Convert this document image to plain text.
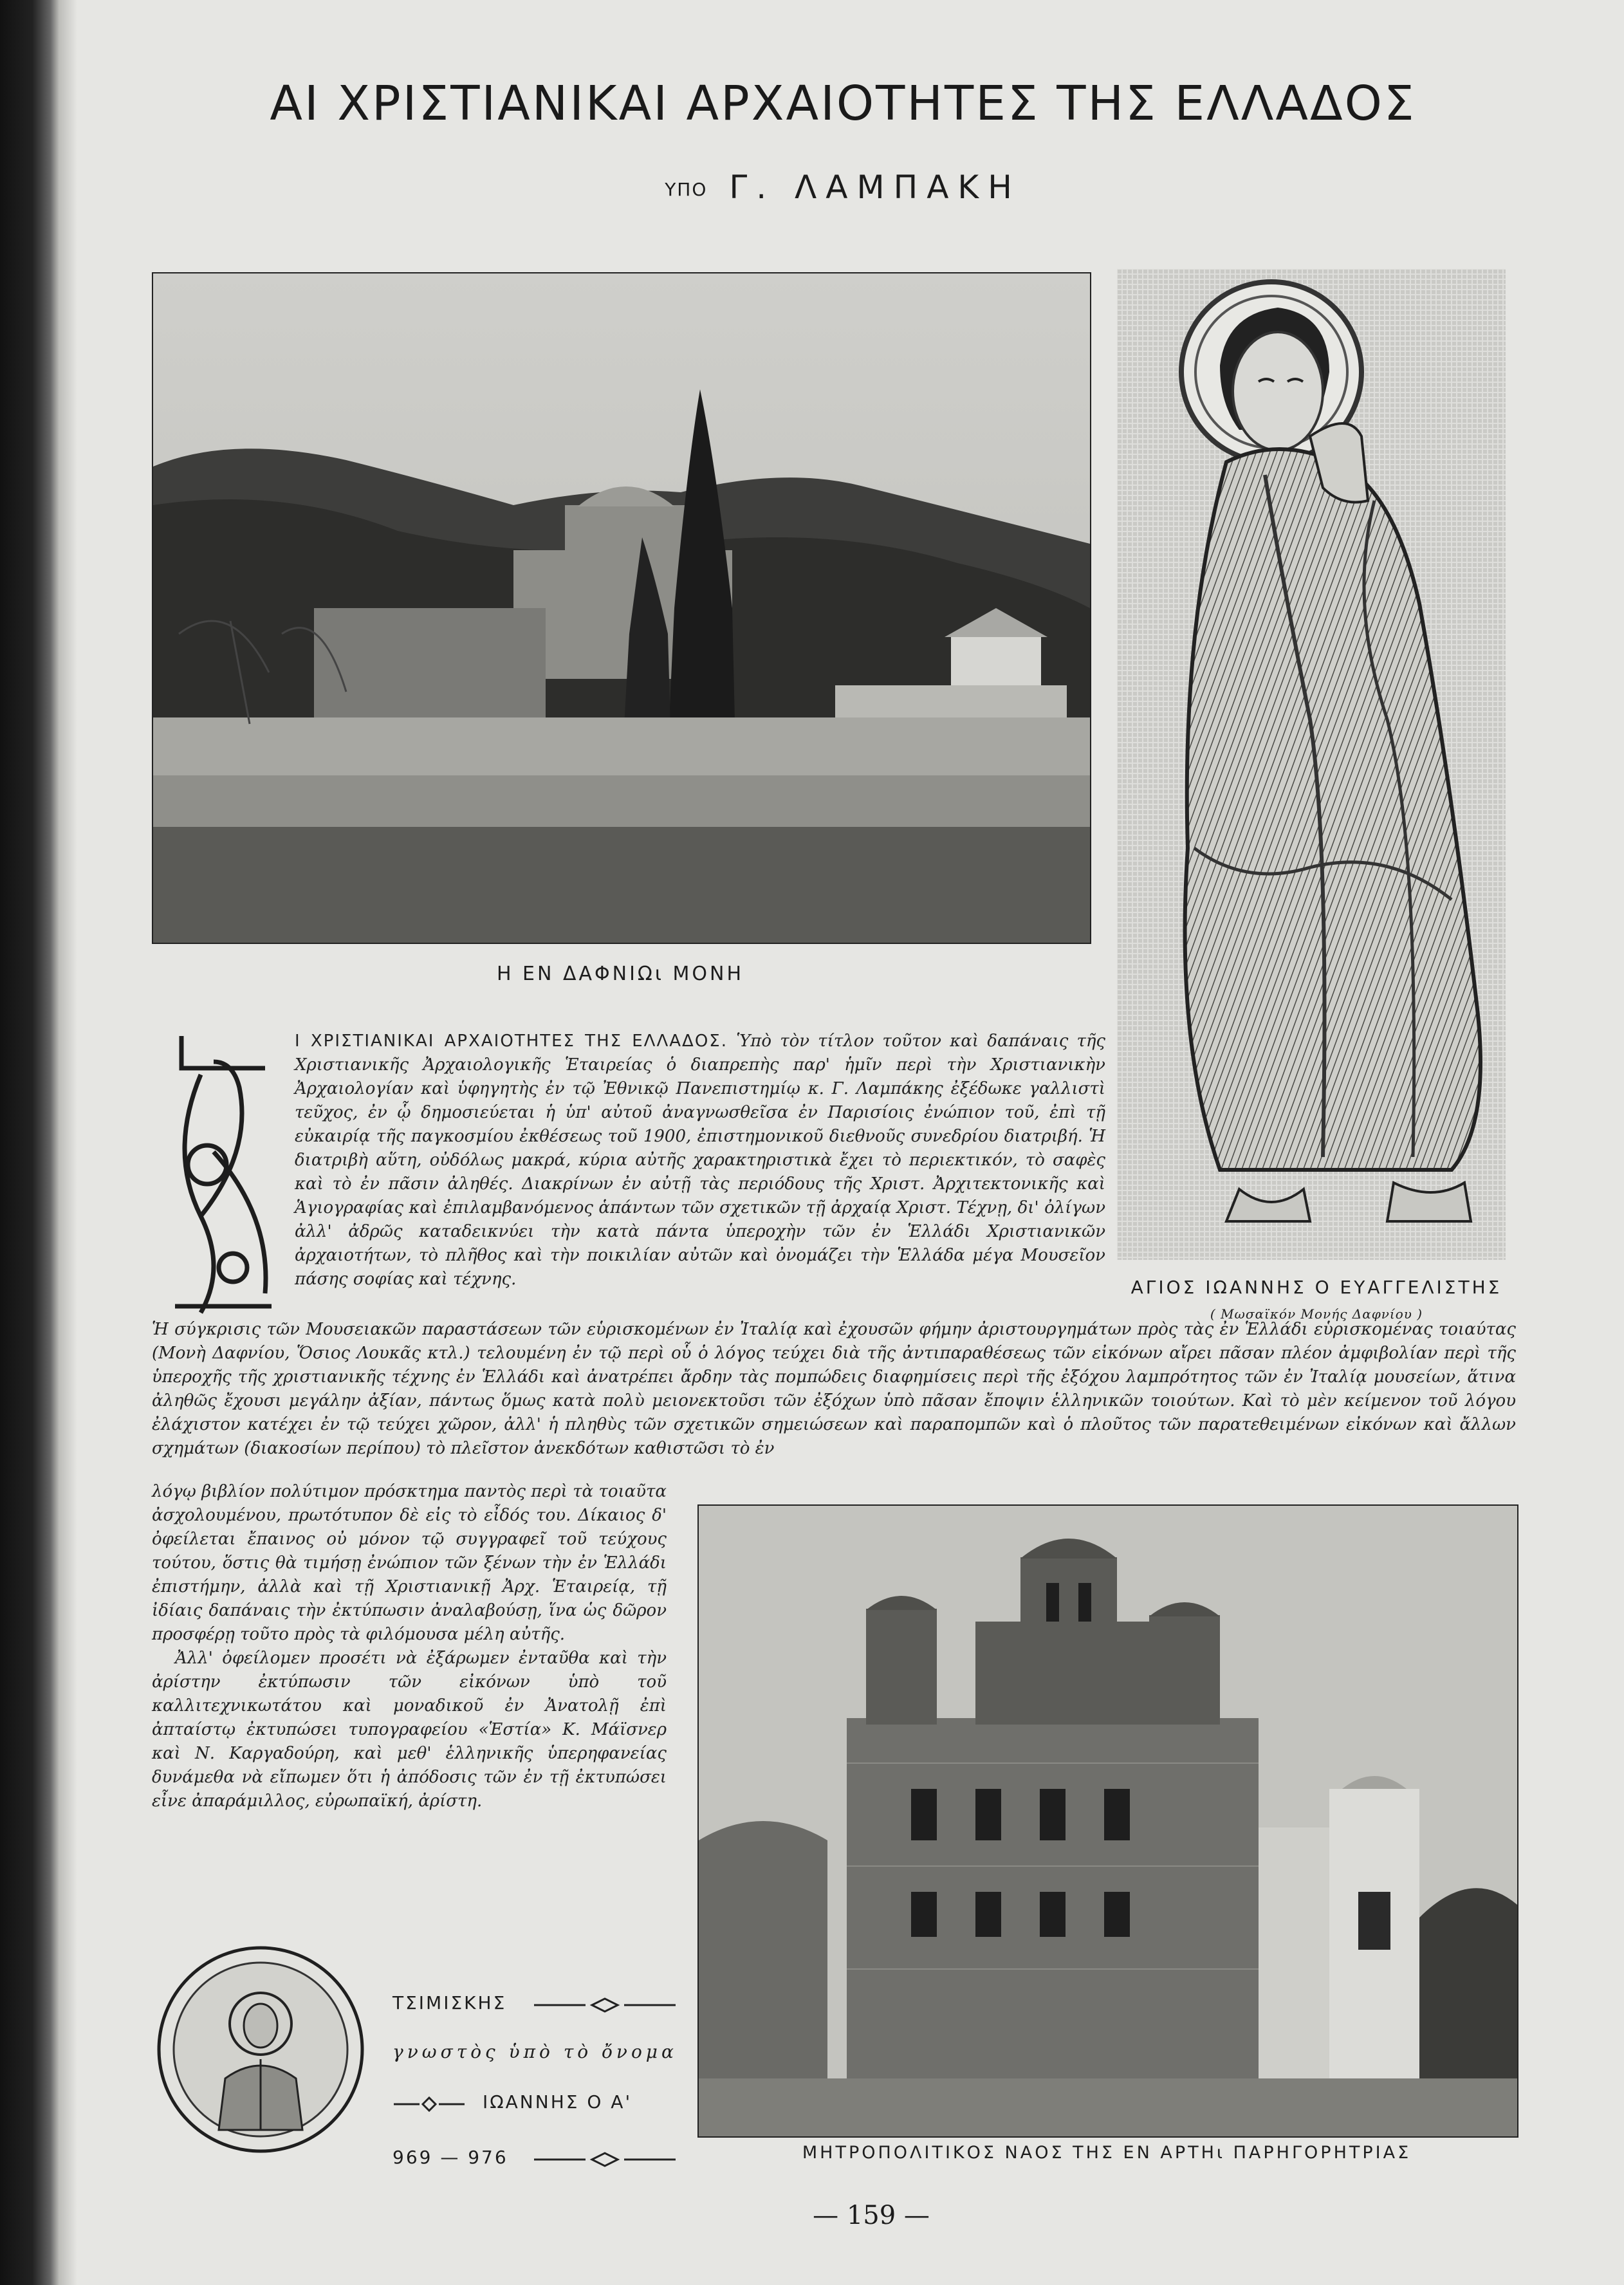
ΑΙ ΧΡΙΣΤΙΑΝΙΚΑΙ ΑΡΧΑΙΟΤΗΤΕΣ ΤΗΣ ΕΛΛΑΔΟΣ
ΥΠΟ Γ. ΛΑΜΠΑΚΗ
Η ΕΝ ΔΑΦΝΙΩι ΜΟΝΗ
ΑΓΙΟΣ ΙΩΑΝΝΗΣ Ο ΕΥΑΓΓΕΛΙΣΤΗΣ
( Μωσαϊκόν Μονής Δαφνίου )
Ι ΧΡΙΣΤΙΑΝΙΚΑΙ ΑΡΧΑΙΟΤΗΤΕΣ ΤΗΣ ΕΛΛΑΔΟΣ. Ὑπὸ τὸν τίτλον τοῦτον καὶ δαπάναις τῆς Χριστιανικῆς Ἀρχαιολογικῆς Ἑταιρείας ὁ διαπρεπὴς παρ' ἡμῖν περὶ τὴν Χριστιανικὴν Ἀρχαιολογίαν καὶ ὑφηγητὴς ἐν τῷ Ἐθνικῷ Πανεπιστημίῳ κ. Γ. Λαμπάκης ἐξέδωκε γαλλιστὶ τεῦχος, ἐν ᾧ δημοσιεύεται ἡ ὑπ' αὐτοῦ ἀναγνωσθεῖσα ἐν Παρισίοις ἐνώπιον τοῦ, ἐπὶ τῇ εὐκαιρίᾳ τῆς παγκοσμίου ἐκθέσεως τοῦ 1900, ἐπιστημονικοῦ διεθνοῦς συνεδρίου διατριβή. Ἡ διατριβὴ αὕτη, οὐδόλως μακρά, κύρια αὐτῆς χαρακτηριστικὰ ἔχει τὸ περιεκτικόν, τὸ σαφὲς καὶ τὸ ἐν πᾶσιν ἀληθές. Διακρίνων ἐν αὐτῇ τὰς περιόδους τῆς Χριστ. Ἀρχιτεκτονικῆς καὶ Ἁγιογραφίας καὶ ἐπιλαμβανόμενος ἁπάντων τῶν σχετικῶν τῇ ἀρχαίᾳ Χριστ. Τέχνῃ, δι' ὀλίγων ἀλλ' ἀδρῶς καταδεικνύει τὴν κατὰ πάντα ὑπεροχὴν τῶν ἐν Ἑλλάδι Χριστιανικῶν ἀρχαιοτήτων, τὸ πλῆθος καὶ τὴν ποικιλίαν αὐτῶν καὶ ὀνομάζει τὴν Ἑλλάδα μέγα Μουσεῖον πάσης σοφίας καὶ τέχνης.
Ἡ σύγκρισις τῶν Μουσειακῶν παραστάσεων τῶν εὑρισκομένων ἐν Ἰταλίᾳ καὶ ἐχουσῶν φήμην ἀριστουργημάτων πρὸς τὰς ἐν Ἑλλάδι εὑρισκομένας τοιαύτας (Μονὴ Δαφνίου, Ὅσιος Λουκᾶς κτλ.) τελουμένη ἐν τῷ περὶ οὗ ὁ λόγος τεύχει διὰ τῆς ἀντιπαραθέσεως τῶν εἰκόνων αἴρει πᾶσαν πλέον ἀμφιβολίαν περὶ τῆς ὑπεροχῆς τῆς χριστιανικῆς τέχνης ἐν Ἑλλάδι καὶ ἀνατρέπει ἄρδην τὰς πομπώδεις διαφημίσεις περὶ τῆς ἐξόχου λαμπρότητος τῶν ἐν Ἰταλίᾳ μουσείων, ἅτινα ἀληθῶς ἔχουσι μεγάλην ἀξίαν, πάντως ὅμως κατὰ πολὺ μειονεκτοῦσι τῶν ἐξόχων ὑπὸ πᾶσαν ἔποψιν ἑλληνικῶν τοιούτων. Καὶ τὸ μὲν κείμενον τοῦ λόγου ἐλάχιστον κατέχει ἐν τῷ τεύχει χῶρον, ἀλλ' ἡ πληθὺς τῶν σχετικῶν σημειώσεων καὶ παραπομπῶν καὶ ὁ πλοῦτος τῶν παρατεθειμένων εἰκόνων καὶ ἄλλων σχημάτων (διακοσίων περίπου) τὸ πλεῖστον ἀνεκδότων καθιστῶσι τὸ ἐν
λόγῳ βιβλίον πολύτιμον πρόσκτημα παντὸς περὶ τὰ τοιαῦτα ἀσχολουμένου, πρωτότυπον δὲ εἰς τὸ εἶδός του. Δίκαιος δ' ὀφείλεται ἔπαινος οὐ μόνον τῷ συγγραφεῖ τοῦ τεύχους τούτου, ὅστις θὰ τιμήσῃ ἐνώπιον τῶν ξένων τὴν ἐν Ἑλλάδι ἐπιστήμην, ἀλλὰ καὶ τῇ Χριστιανικῇ Ἀρχ. Ἑταιρείᾳ, τῇ ἰδίαις δαπάναις τὴν ἐκτύπωσιν ἀναλαβούσῃ, ἵνα ὡς δῶρον προσφέρῃ τοῦτο πρὸς τὰ φιλόμουσα μέλη αὐτῆς.
Ἀλλ' ὀφείλομεν προσέτι νὰ ἐξάρωμεν ἐνταῦθα καὶ τὴν ἀρίστην ἐκτύπωσιν τῶν εἰκόνων ὑπὸ τοῦ καλλιτεχνικωτάτου καὶ μοναδικοῦ ἐν Ἀνατολῇ ἐπὶ ἀπταίστῳ ἐκτυπώσει τυπογραφείου «Ἑστία» Κ. Μάϊσνερ καὶ Ν. Καργαδούρη, καὶ μεθ' ἑλληνικῆς ὑπερηφανείας δυνάμεθα νὰ εἴπωμεν ὅτι ἡ ἀπόδοσις τῶν ἐν τῇ ἐκτυπώσει εἶνε ἀπαράμιλλος, εὐρωπαϊκή, ἀρίστη.
ΜΗΤΡΟΠΟΛΙΤΙΚΟΣ ΝΑΟΣ ΤΗΣ ΕΝ ΑΡΤΗι ΠΑΡΗΓΟΡΗΤΡΙΑΣ
ΤΣΙΜΙΣΚΗΣ
γνωστὸς ὑπὸ τὸ ὄνομα
ΙΩΑΝΝΗΣ Ο Α'
969 — 976
— 159 —
